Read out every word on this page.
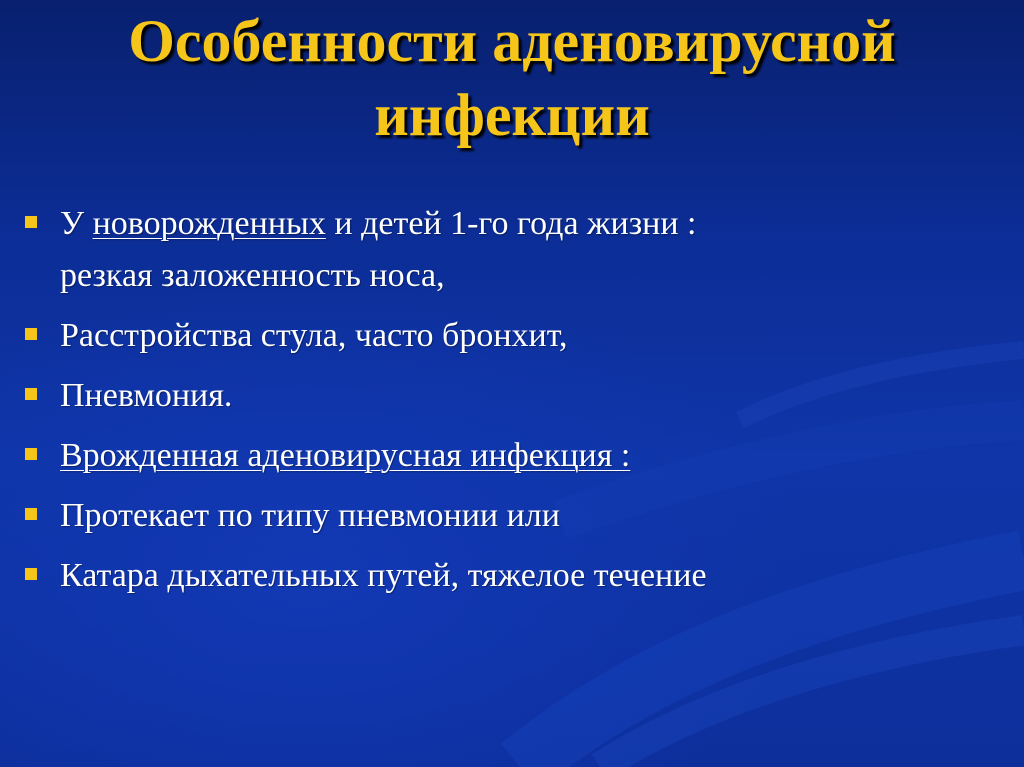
Особенности аденовирусной
инфекции
У новорожденных и детей 1-го года жизни :
резкая заложенность носа,
Расстройства стула, часто бронхит,
Пневмония.
Врожденная аденовирусная инфекция :
Протекает по типу пневмонии или
Катара дыхательных путей, тяжелое течение
